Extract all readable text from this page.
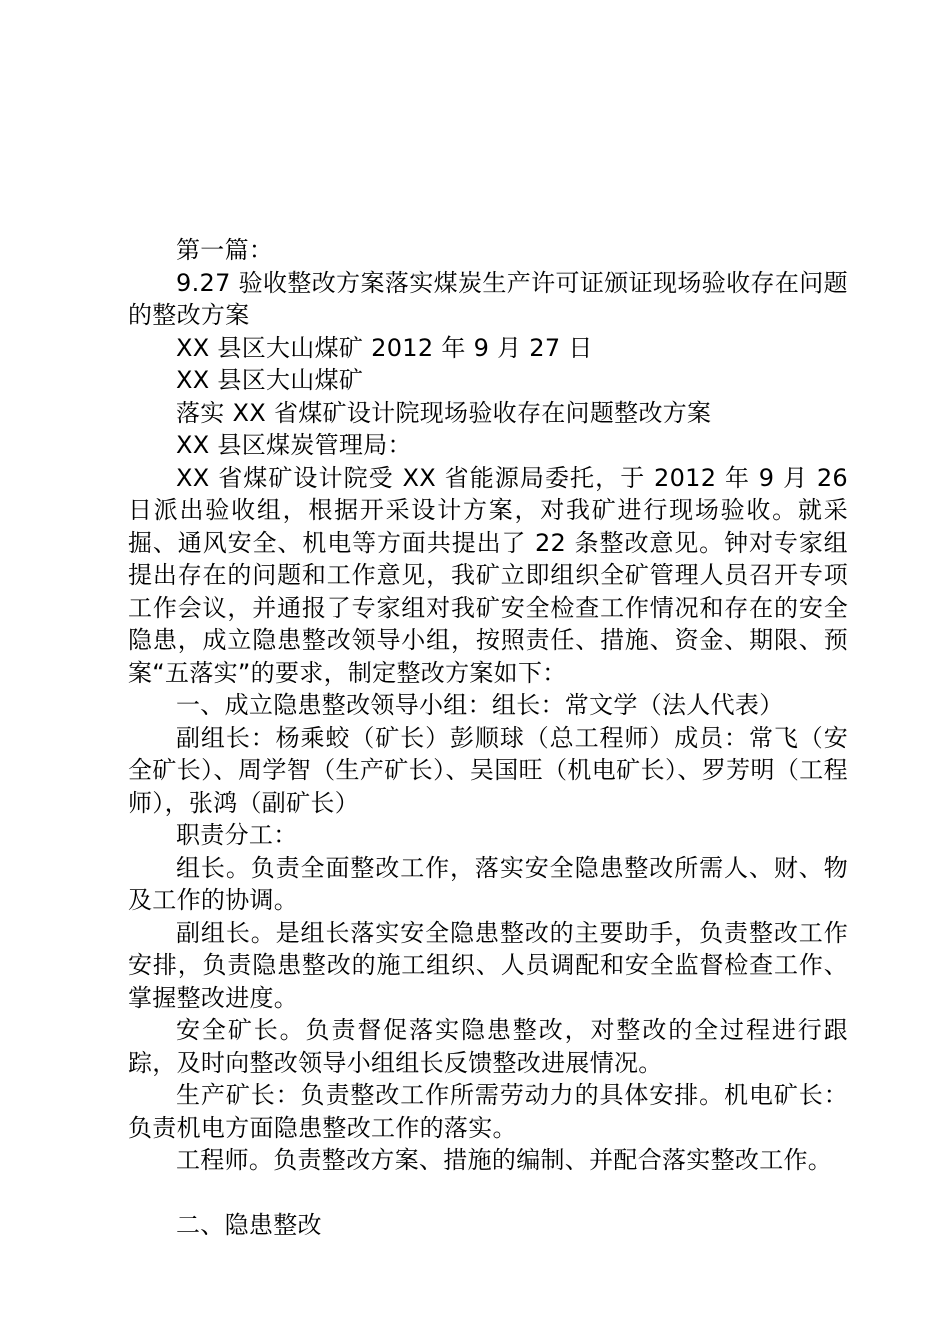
第一篇：

9.27 验收整改方案落实煤炭生产许可证颁证现场验收存在问题的整改方案

XX 县区大山煤矿 2012 年 9 月 27 日

XX 县区大山煤矿

落实 XX 省煤矿设计院现场验收存在问题整改方案

XX 县区煤炭管理局：

XX 省煤矿设计院受 XX 省能源局委托，于 2012 年 9 月 26 日派出验收组，根据开采设计方案，对我矿进行现场验收。就采掘、通风安全、机电等方面共提出了 22 条整改意见。钟对专家组提出存在的问题和工作意见，我矿立即组织全矿管理人员召开专项工作会议，并通报了专家组对我矿安全检查工作情况和存在的安全隐患，成立隐患整改领导小组，按照责任、措施、资金、期限、预案“五落实”的要求，制定整改方案如下：

一、成立隐患整改领导小组：组长：常文学（法人代表）

副组长：杨乘蛟（矿长）彭顺球（总工程师）成员：常飞（安全矿长）、周学智（生产矿长）、吴国旺（机电矿长）、罗芳明（工程师），张鸿（副矿长）

职责分工：

组长。负责全面整改工作，落实安全隐患整改所需人、财、物及工作的协调。

副组长。是组长落实安全隐患整改的主要助手，负责整改工作安排，负责隐患整改的施工组织、人员调配和安全监督检查工作、掌握整改进度。

安全矿长。负责督促落实隐患整改，对整改的全过程进行跟踪，及时向整改领导小组组长反馈整改进展情况。

生产矿长：负责整改工作所需劳动力的具体安排。机电矿长：负责机电方面隐患整改工作的落实。

工程师。负责整改方案、措施的编制、并配合落实整改工作。

二、隐患整改
